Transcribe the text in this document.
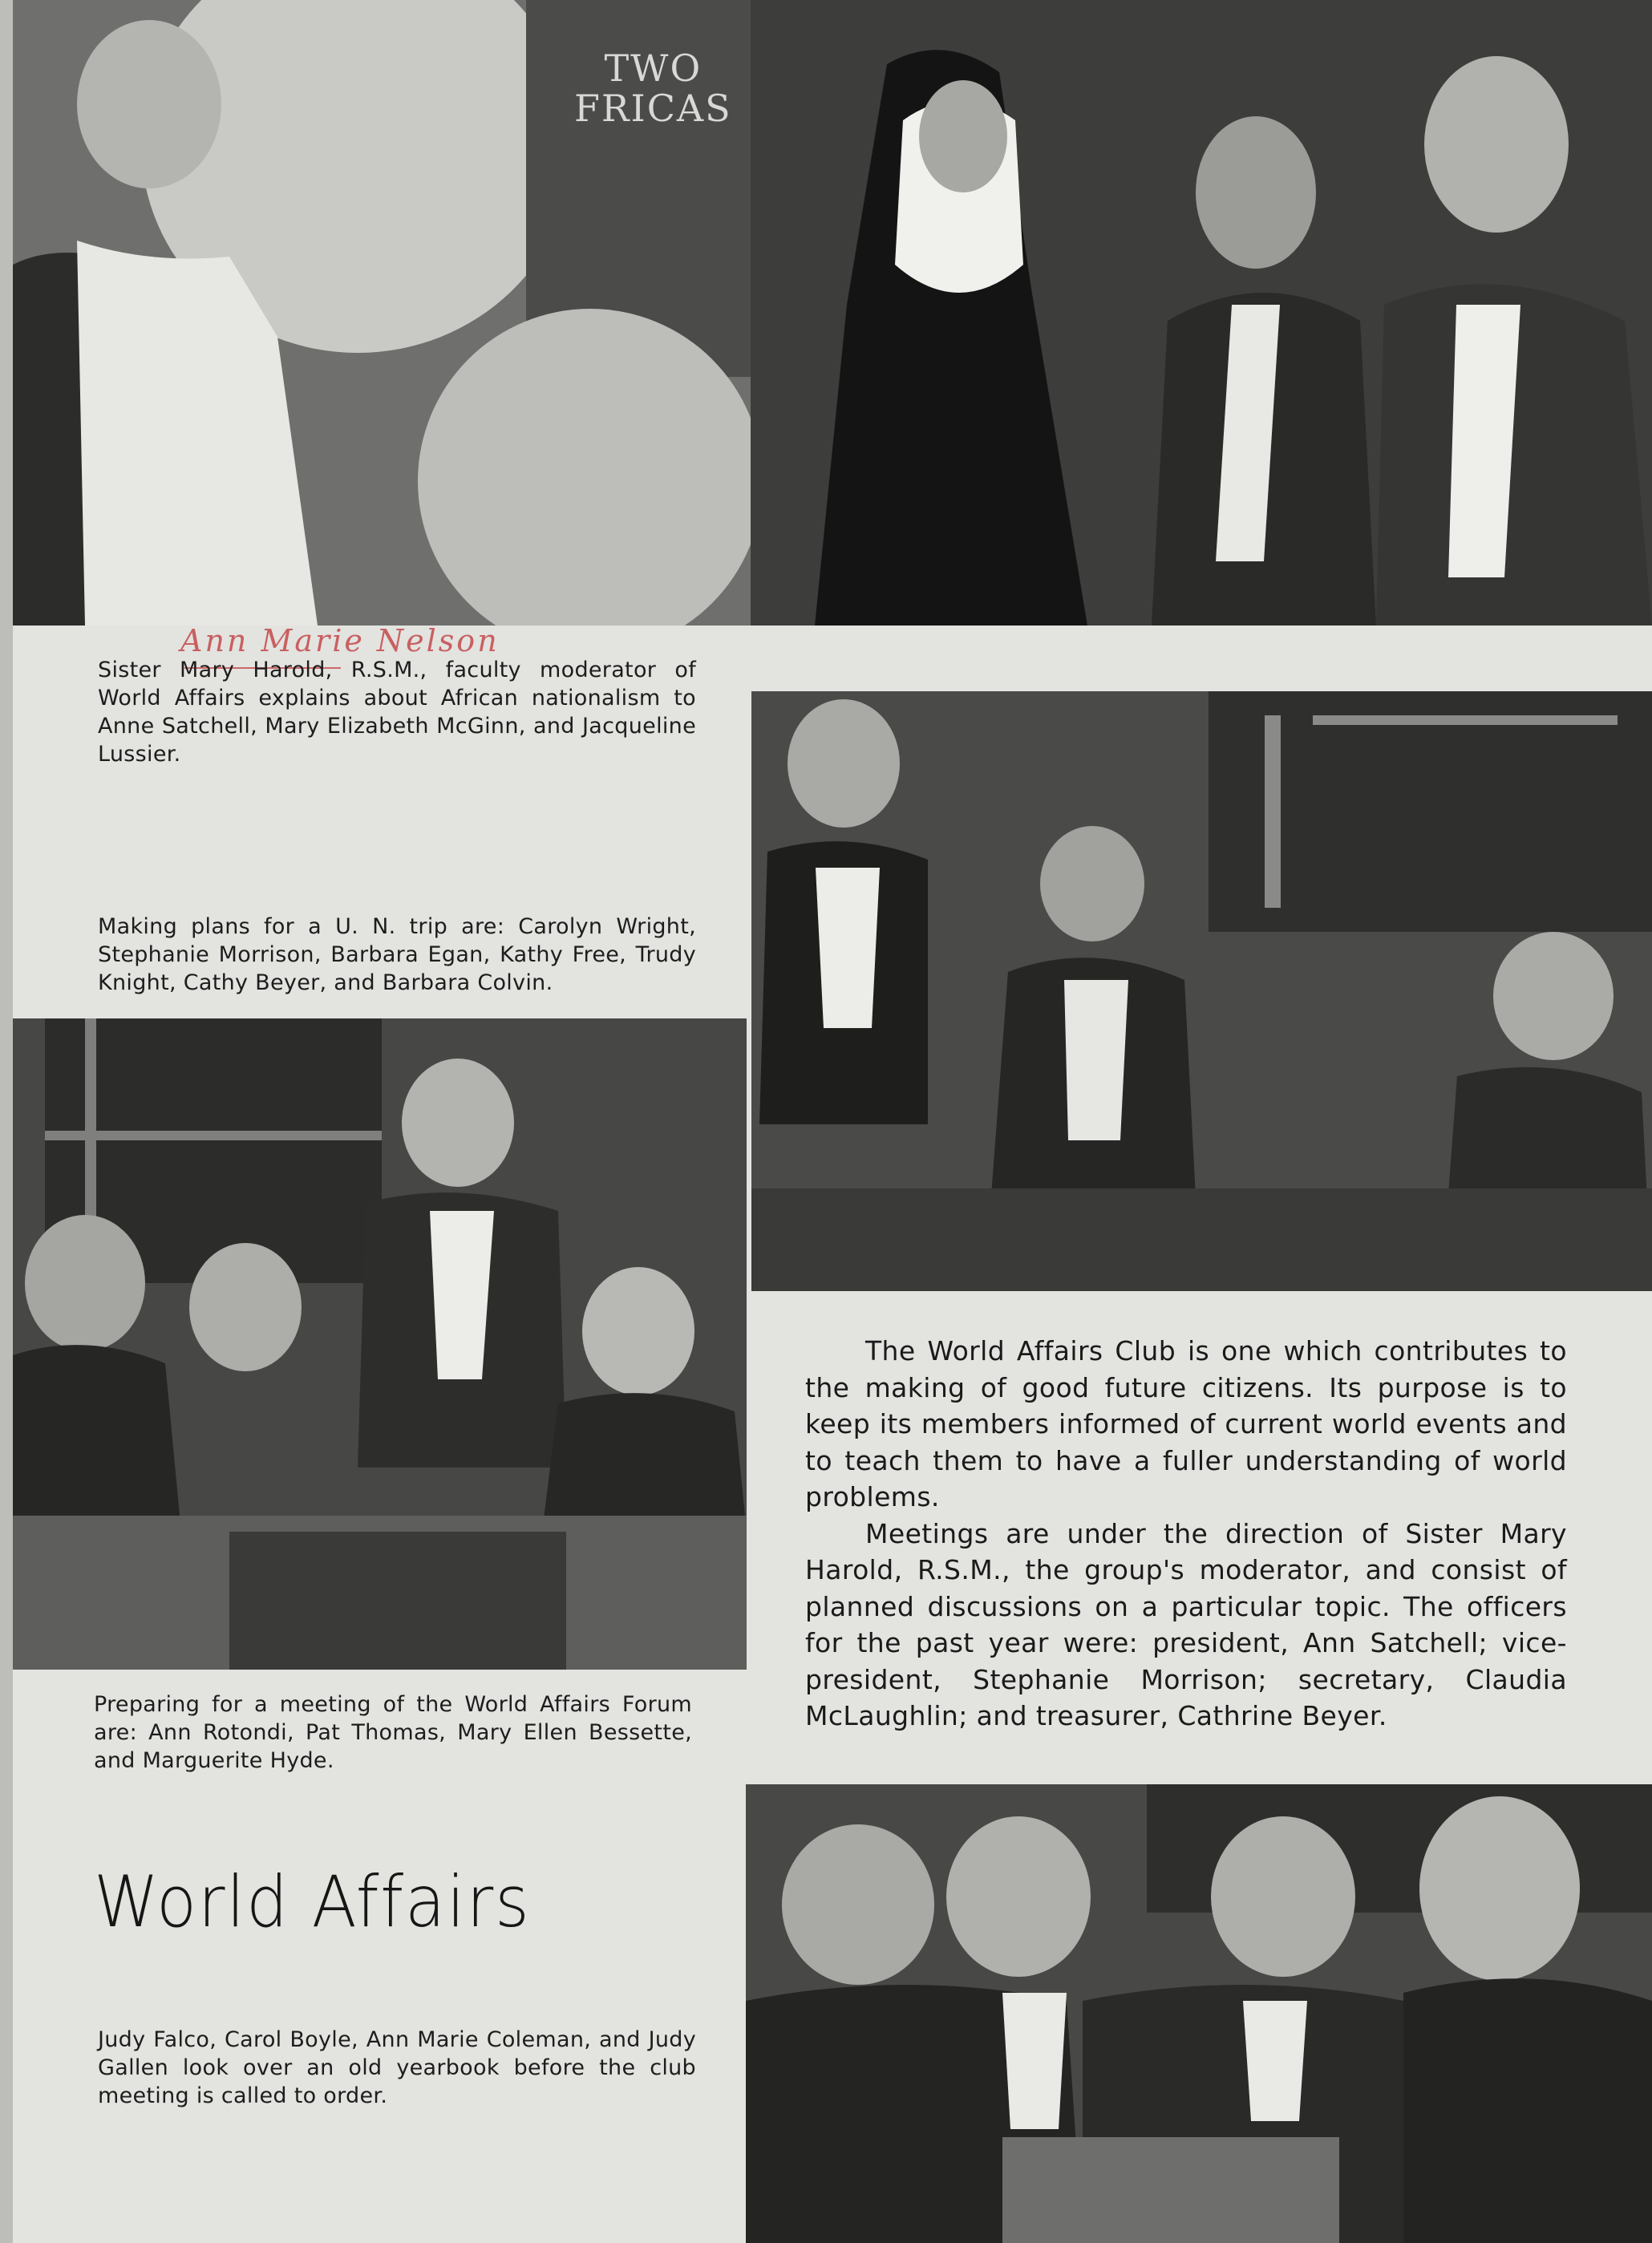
TWO
FRICAS
Ann Marie Nelson
Sister Mary Harold, R.S.M., faculty moderator of World Affairs explains about African nationalism to Anne Satchell, Mary Elizabeth McGinn, and Jacqueline Lussier.
Making plans for a U. N. trip are: Carolyn Wright, Stephanie Morrison, Barbara Egan, Kathy Free, Trudy Knight, Cathy Beyer, and Barbara Colvin.

The World Affairs Club is one which contributes to the making of good future citizens. Its purpose is to keep its members informed of current world events and to teach them to have a fuller understanding of world problems.

Meetings are under the direction of Sister Mary Harold, R.S.M., the group's moderator, and consist of planned discussions on a particular topic. The officers for the past year were: president, Ann Satchell; vice-president, Stephanie Morrison; secretary, Claudia McLaughlin; and treasurer, Cathrine Beyer.

Preparing for a meeting of the World Affairs Forum are: Ann Rotondi, Pat Thomas, Mary Ellen Bessette, and Marguerite Hyde.
World Affairs
Judy Falco, Carol Boyle, Ann Marie Coleman, and Judy Gallen look over an old yearbook before the club meeting is called to order.
